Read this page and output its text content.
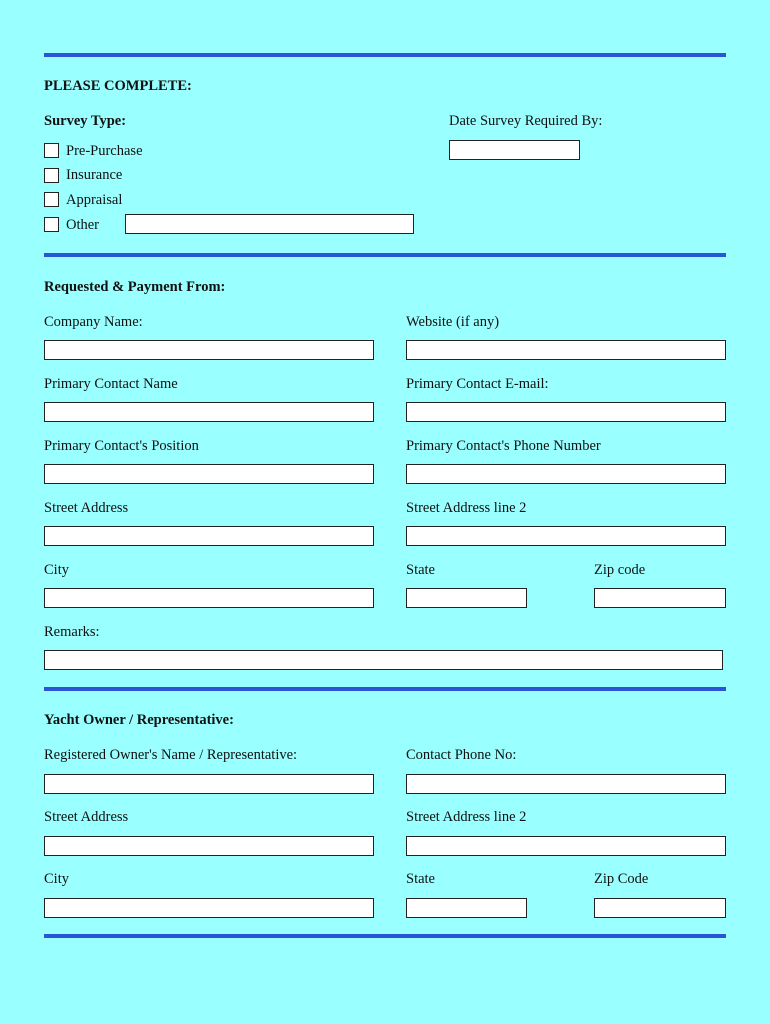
PLEASE COMPLETE:
Survey Type:	Date Survey Required By:
Pre-Purchase
Insurance
Appraisal
Other
Requested & Payment From:
Company Name:	Website (if any)
Primary Contact Name	Primary Contact E-mail:
Primary Contact's Position	Primary Contact's Phone Number
Street Address	Street Address line 2
City	State	Zip code
Remarks:
Yacht Owner / Representative:
Registered Owner's Name / Representative:	Contact Phone No:
Street Address	Street Address line 2
City	State	Zip Code
